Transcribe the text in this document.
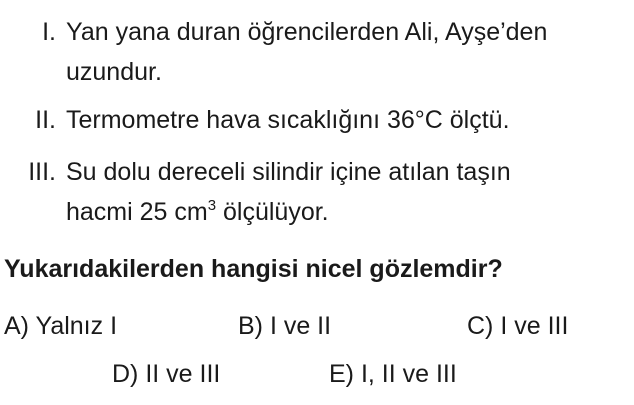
I. Yan yana duran öğrencilerden Ali, Ayşe’den
uzundur.
II. Termometre hava sıcaklığını 36°C ölçtü.
III. Su dolu dereceli silindir içine atılan taşın
hacmi 25 $cm^3$ ölçülüyor.
Yukarıdakilerden hangisi nicel gözlemdir?
A) Yalnız I	B) I ve II	C) I ve III
D) II ve III	E) I, II ve III
